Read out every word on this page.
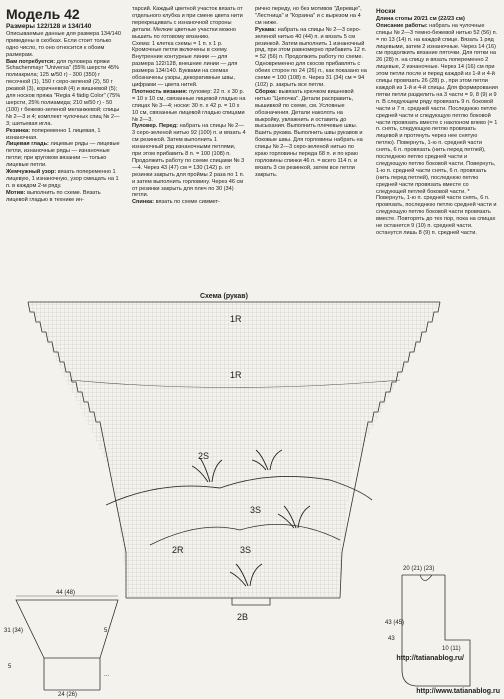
Модель 42

Размеры 122/128 и 134/140

Описываемые данные для размера 134/140 приведены в скобках. Если стоит только одно число, то оно относится к обоим размерам.

Вам потребуется: для пуловера пряжи Schachenmayr "Universa" (55% шерсти 45% полиакрила; 125 м/50 г) - 300 (350) г песочной (1), 150 г серо-зеленой (2), 50 г ржавой (3), коричневой (4) и вишневой (5); для носков пряжа "Regia 4 fädig Color" (75% шерсти, 25% полиамида; 210 м/50 г) - 50 (100) г бежево-зеленой меланжевой; спицы № 2—3 и 4; комплект чулочных спиц № 2—3; шитьевая игла.

Резинка: попеременно 1 лицевая, 1 изнаночная.

Лицевая гладь: лицевые ряды — лицевые петли, изнаночные ряды — изнаночные петли; при круговом вязании — только лицевые петли.

Жемчужный узор: вязать попеременно 1 лицевую, 1 изнаночную, узор смещать на 1 п. в каждом 2-м ряду.

Мотив: выполнить по схеме. Вязать лицевой гладью в технике ин-

тарсий. Каждый цветной участок вязать от отдельного клубка и при смене цвета нити перекрещивать с изнаночной стороны детали. Мелкие цветные участки можно вышить по готовому вязанию.

Схема: 1 клетка схемы = 1 п. x 1 р. Кромочные петли включены в схему. Внутренние контурные линии — для размера 122/128, внешние линии — для размера 134/140. Буквами на схемах обозначены узоры, декоративные швы, цифрами — цвета нитей.

Плотность вязания: пуловер: 22 п. x 30 р. = 10 x 10 см, связанные лицевой гладью на спицах № 3—4; носки: 30 п. x 42 р. = 10 x 10 см, связанные лицевой гладью спицами № 2—3.

Пуловер. Перед: набрать на спицы № 2—3 серо-зеленой нитью 92 (100) п. и вязать 4 см резинкой. Затем выполнить 1 изнаночный ряд изнаночными петлями, при этом прибавить 8 п. = 100 (108) п. Продолжить работу по схеме спицами № 3—4. Через 43 (47) см = 130 (142) р. от резинки закрыть для проймы 2 раза по 1 п. и затем выполнить горловину. Через 46 см от резинки закрыть для плеч по 30 (34) петли.

Спинка: вязать по схеме симмет-

рично переду, но без мотивов "Деревце", "Лестница" и "Корзина" и с вырезом на 4 см ниже.

Рукава: набрать на спицы № 2—3 серо-зеленой нитью 40 (44) п. и вязать 5 см резинкой. Затем выполнить 1 изнаночный ряд, при этом равномерно прибавить 12 п. = 52 (56) п. Продолжить работу по схеме. Одновременно для скосов прибавлять с обеих сторон по 24 (26) п., как показано на схеме = 100 (108) п. Через 31 (34) см = 94 (102) р. закрыть все петли.

Сборка: вывязать крючком вишневой нитью "Цепочка". Детали расправить, вышивкой по схеме, см. Условные обозначения. Детали наколоть на выкройку, увлажнить и оставить до высыхания. Выполнить плечевые швы. Вшить рукава. Выполнить швы рукавов и боковые швы. Для горловины набрать на спицы № 2—3 серо-зеленой нитью по краю горловины переда 68 п. и по краю горловины спинки 46 п. = всего 114 п. и вязать 3 см резинкой, затем все петли закрыть.

Носки

Длина стопы 20/21 см (22/23 см)

Описание работы: набрать на чулочные спицы № 2—3 темно-бежевой нитью 52 (56) п. = по 13 (14) п. на каждой спице. Вязать 1 ряд лицевыми, затем 2 изнаночные. Через 14 (16) см продолжить вязание пяточки. Для пятки на 26 (28) п. на спицу и вязать попеременно 2 лицевые, 2 изнаночные. Через 14 (16) см при этом петли после и перед каждой из 1-й и 4-й спицы провязать 26 (28) р., при этом петли каждой из 1-й и 4-й спицы. Для формирования пятки петли разделить на 3 части = 9, 8 (9) и 9 п. В следующем ряду провязать 9 п. боковой части и 7 п. средней части. Последнюю петлю средней части и следующую петлю боковой части провязать вместе с наклоном влево (= 1 п. снять, следующую петлю провязать лицевой и протянуть через нее снятую петлю). Повернуть, 1-ю п. средней части снять, 6 п. провязать (нить перед петлей), последнюю петлю средней части и следующую петлю боковой части. Повернуть, 1-ю п. средней части снять, 6 п. провязать (нить перед петлей), последнюю петлю средней части провязать вместе со следующей петлей боковой части. * Повернуть, 1-ю п. средней части снять, 6 п. провязать, последнюю петлю средней части и следующую петлю боковой части провязать вместе. Повторять до тех пор, пока на спицах не останется 9 (10) п. средней части.

останутся лишь 8 (9) п. средней части.

Схема (рукав)
1R
1R
2S
3S
2R	3S
2B
44 (48)
31 (34)
5
24 (26)
5
...
20 (21) (23)
43 (45)
10 (11)
43
http://tatianablog.ru/
http://www.tatianablog.ru
